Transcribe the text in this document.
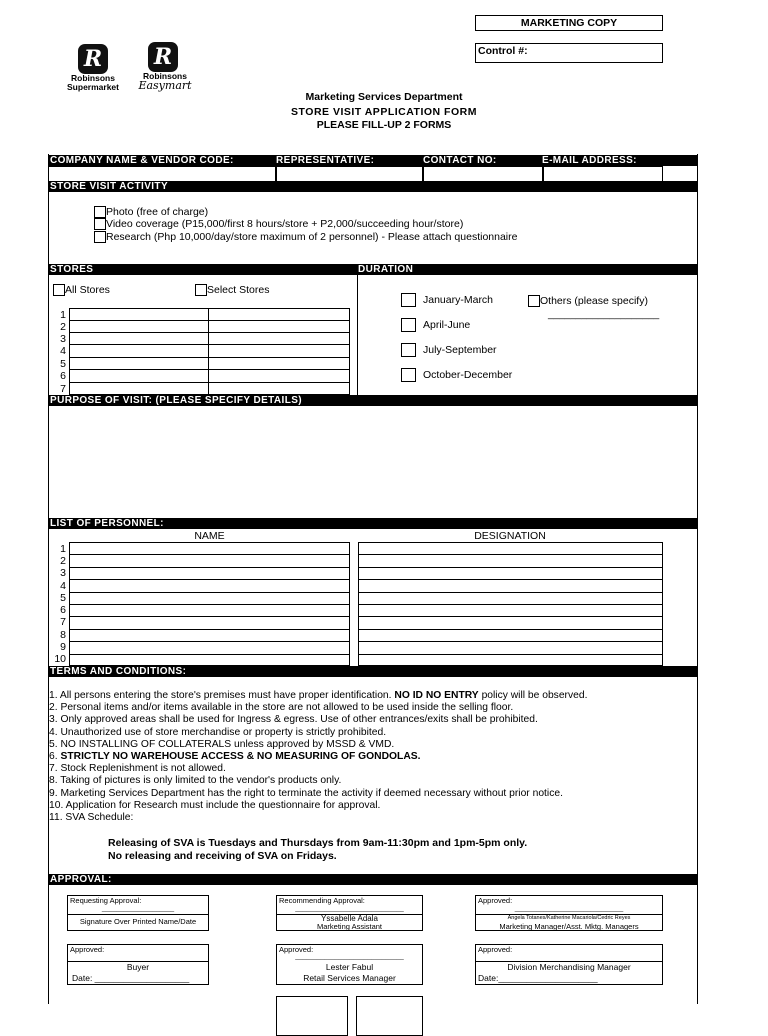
MARKETING COPY
Control #:
R
Robinsons
Supermarket
R
Robinsons
Easymart
Marketing Services Department
STORE VISIT APPLICATION FORM
PLEASE FILL-UP 2 FORMS
COMPANY NAME & VENDOR CODE:	REPRESENTATIVE:	CONTACT NO:	E-MAIL ADDRESS:
STORE VISIT ACTIVITY
Photo (free of charge)
Video coverage (P15,000/first 8 hours/store + P2,000/succeeding hour/store)
Research (Php 10,000/day/store maximum of 2 personnel) - Please attach questionnaire
STORES	DURATION
All Stores	Select Stores
1
2
3
4
5
6
7
January-March
April-June
July-September
October-December
Others (please specify)
____________________
PURPOSE OF VISIT: (PLEASE SPECIFY DETAILS)
LIST OF PERSONNEL:
NAME	DESIGNATION
1
2
3
4
5
6
7
8
9
10
TERMS AND CONDITIONS:
1. All persons entering the store's premises must have proper identification. NO ID NO ENTRY policy will be observed.
2. Personal items and/or items available in the store are not allowed to be used inside the selling floor.
3. Only approved areas shall be used for Ingress & egress. Use of other entrances/exits shall be prohibited.
4. Unauthorized use of store merchandise or property is strictly prohibited.
5. NO INSTALLING OF COLLATERALS unless approved by MSSD & VMD.
6. STRICTLY NO WAREHOUSE ACCESS & NO MEASURING OF GONDOLAS.
7. Stock Replenishment is not allowed.
8. Taking of pictures is only limited to the vendor's products only.
9. Marketing Services Department has the right to terminate the activity if deemed necessary without prior notice.
10. Application for Research must include the questionnaire for approval.
11. SVA Schedule:
Releasing of SVA is Tuesdays and Thursdays from 9am-11:30pm and 1pm-5pm only.
No releasing and receiving of SVA on Fridays.
APPROVAL:
Requesting Approval:
____________________
Signature Over Printed Name/Date
Recommending Approval:
______________________________
Yssabelle Adala
Marketing Assistant
Approved:
______________________________
Angela Totanes/Katherine Macariola/Cedric Reyes
Marketing Manager/Asst. Mktg. Managers
Approved:
Buyer
Date: ____________________
Approved:
______________________________
Lester Fabul
Retail Services Manager
Approved:
Division Merchandising Manager
Date:_____________________
